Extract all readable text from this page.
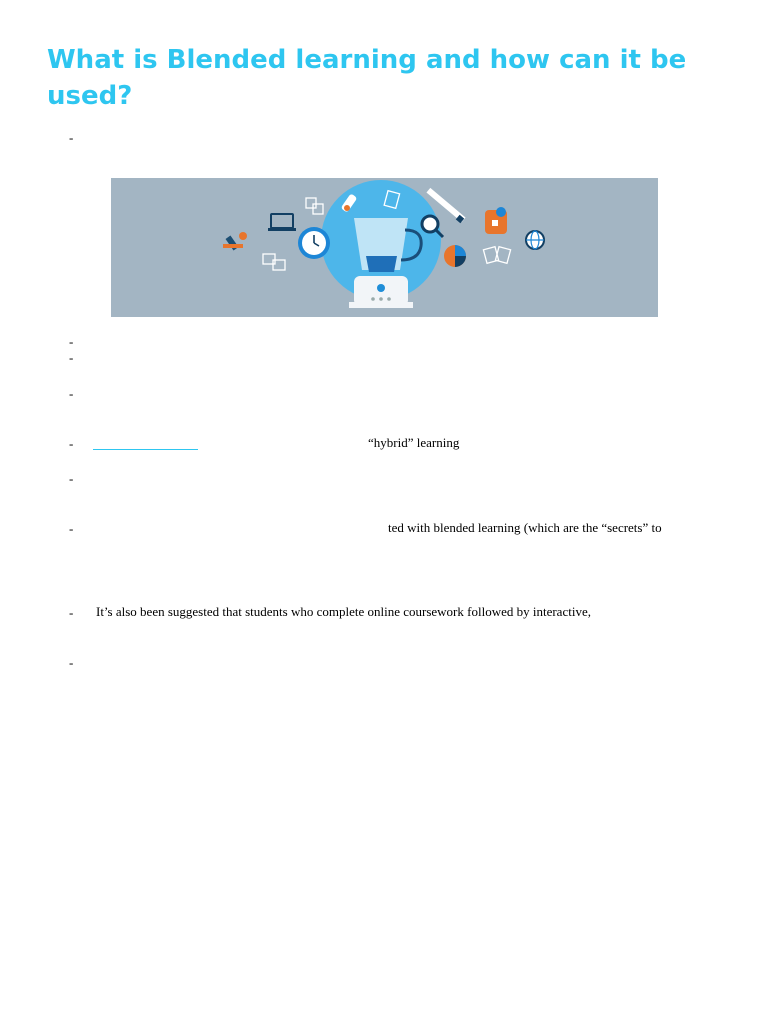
What is Blended learning and how can it be used?
-
-
-
-
-	“hybrid” learning
-
-	ted with blended learning (which are the “secrets” to
- It’s also been suggested that students who complete online coursework followed by interactive,
-
